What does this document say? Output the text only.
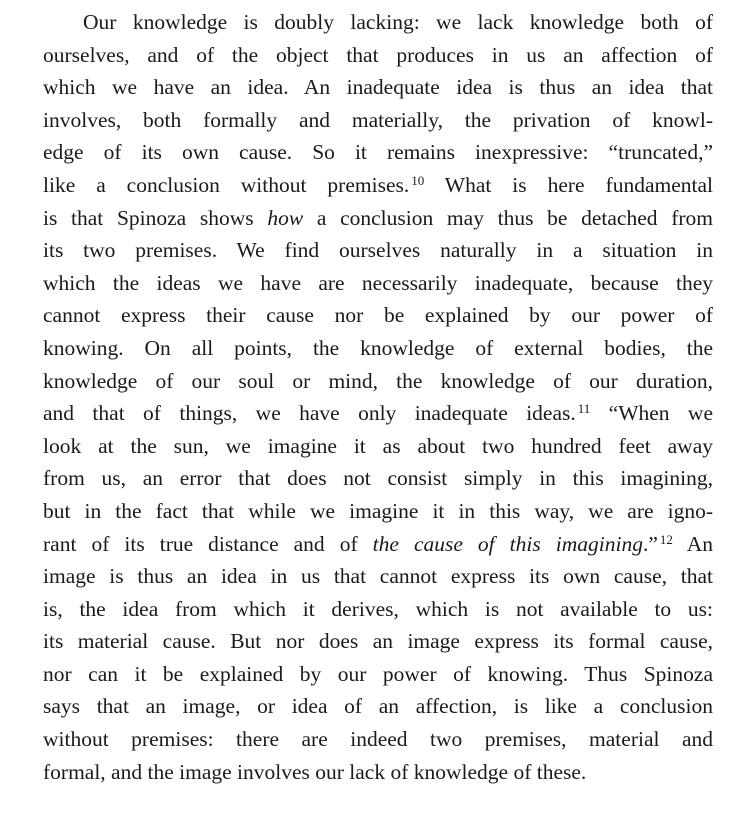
Our knowledge is doubly lacking: we lack knowledge both of
ourselves, and of the object that produces in us an affection of
which we have an idea. An inadequate idea is thus an idea that
involves, both formally and materially, the privation of knowl-
edge of its own cause. So it remains inexpressive: “truncated,”
like a conclusion without premises. $^{10}$ What is here fundamental
is that Spinoza shows how a conclusion may thus be detached from
its two premises. We find ourselves naturally in a situation in
which the ideas we have are necessarily inadequate, because they
cannot express their cause nor be explained by our power of
knowing. On all points, the knowledge of external bodies, the
knowledge of our soul or mind, the knowledge of our duration,
and that of things, we have only inadequate ideas. $^{11}$ “When we
look at the sun, we imagine it as about two hundred feet away
from us, an error that does not consist simply in this imagining,
but in the fact that while we imagine it in this way, we are igno-
rant of its true distance and of the cause of this imagining.” $^{12}$ An
image is thus an idea in us that cannot express its own cause, that
is, the idea from which it derives, which is not available to us:
its material cause. But nor does an image express its formal cause,
nor can it be explained by our power of knowing. Thus Spinoza
says that an image, or idea of an affection, is like a conclusion
without premises: there are indeed two premises, material and
formal, and the image involves our lack of knowledge of these.
